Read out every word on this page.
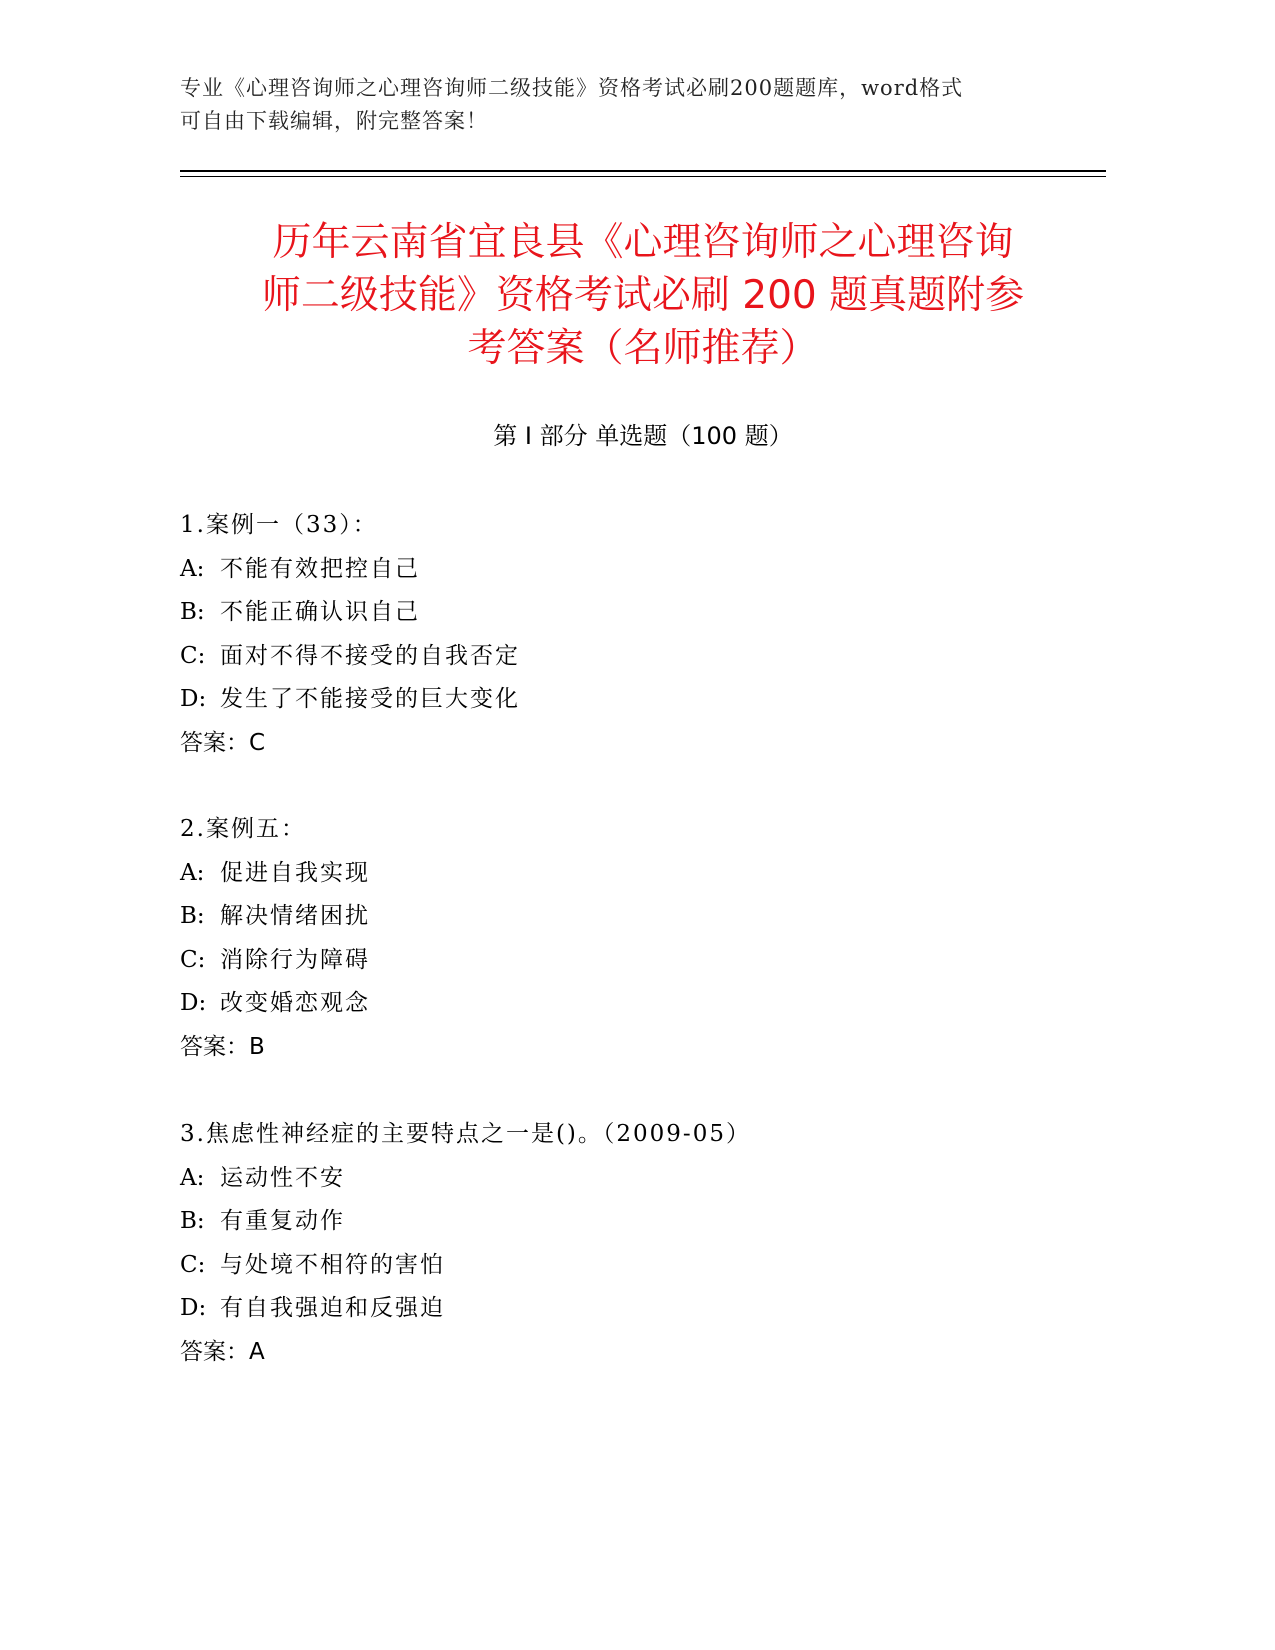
专业《心理咨询师之心理咨询师二级技能》资格考试必刷200题题库，word格式
可自由下载编辑，附完整答案！
历年云南省宜良县《心理咨询师之心理咨询
师二级技能》资格考试必刷 200 题真题附参
考答案（名师推荐）
第 I 部分 单选题（100 题）
1.案例一（33）：
A: 不能有效把控自己
B: 不能正确认识自己
C: 面对不得不接受的自我否定
D: 发生了不能接受的巨大变化
答案：C
2.案例五：
A: 促进自我实现
B: 解决情绪困扰
C: 消除行为障碍
D: 改变婚恋观念
答案：B
3.焦虑性神经症的主要特点之一是()。（2009-05）
A: 运动性不安
B: 有重复动作
C: 与处境不相符的害怕
D: 有自我强迫和反强迫
答案：A
